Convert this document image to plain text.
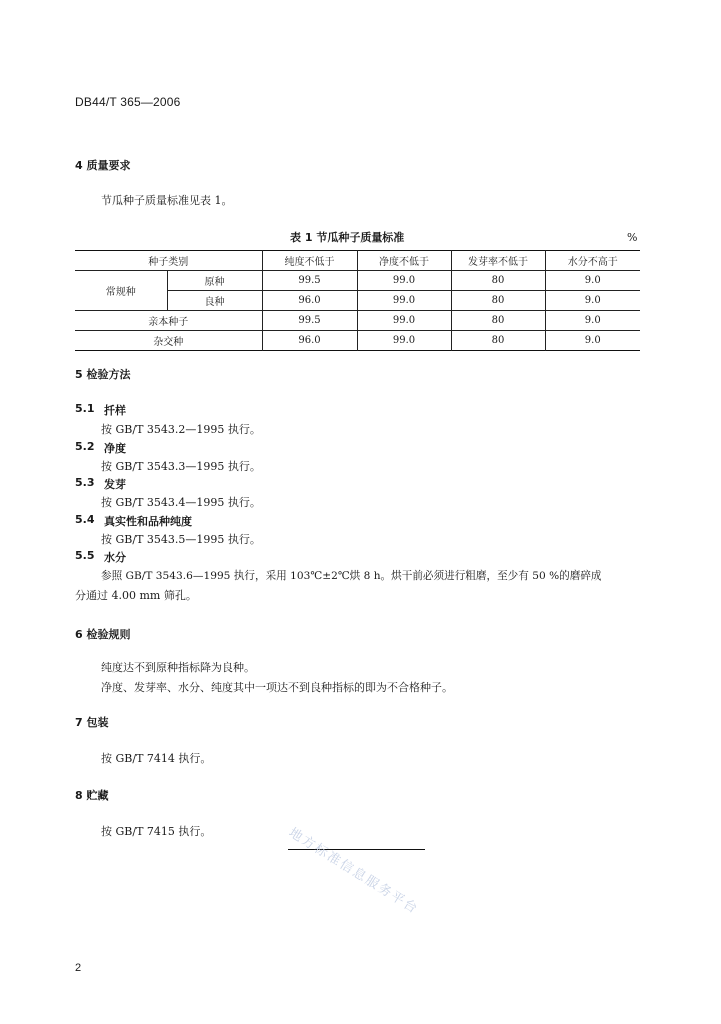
DB44/T 365—2006
4 质量要求
节瓜种子质量标准见表 1。
表 1 节瓜种子质量标准	%
种子类别		纯度不低于	净度不低于	发芽率不低于	水分不高于
常规种	原种	99.5	99.0	80	9.0
	良种	96.0	99.0	80	9.0
亲本种子		99.5	99.0	80	9.0
杂交种		96.0	99.0	80	9.0
5 检验方法
5.1 扦样
按 GB/T 3543.2—1995 执行。
5.2 净度
按 GB/T 3543.3—1995 执行。
5.3 发芽
按 GB/T 3543.4—1995 执行。
5.4 真实性和品种纯度
按 GB/T 3543.5—1995 执行。
5.5 水分
参照 GB/T 3543.6—1995 执行，采用 103℃±2℃烘 8 h。烘干前必须进行粗磨，至少有 50 %的磨碎成
分通过 4.00 mm 筛孔。
6 检验规则
纯度达不到原种指标降为良种。
净度、发芽率、水分、纯度其中一项达不到良种指标的即为不合格种子。
7 包装
按 GB/T 7414 执行。
8 贮藏
按 GB/T 7415 执行。	地方标准信息服务平台
2
